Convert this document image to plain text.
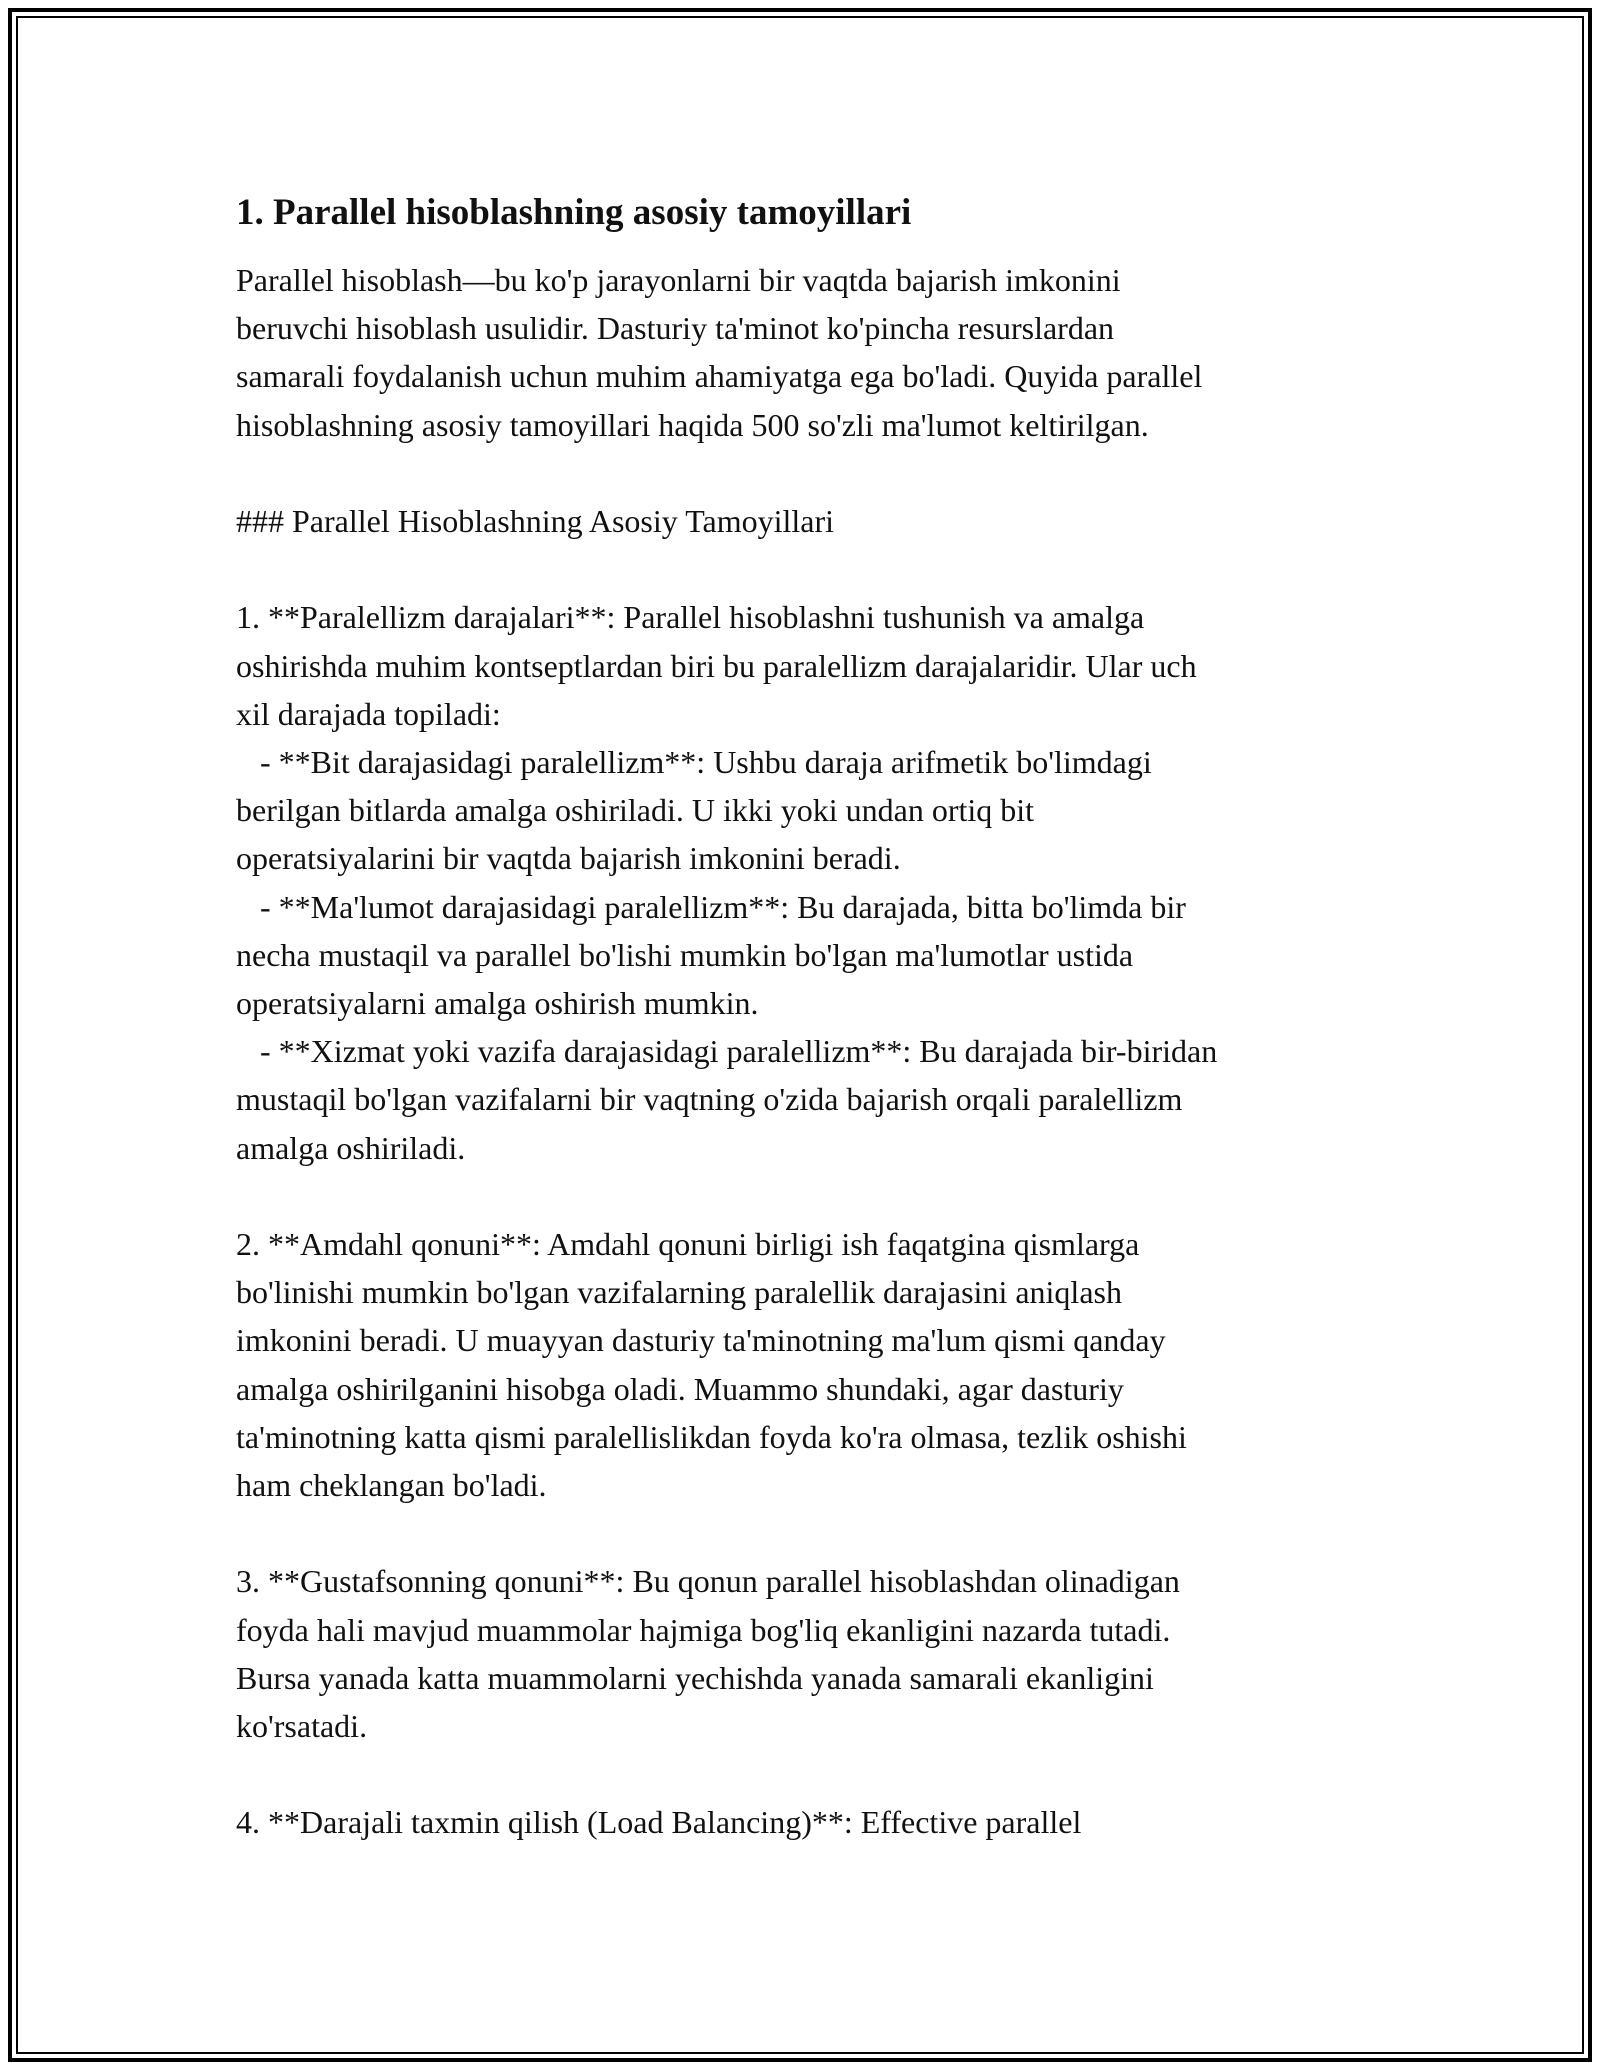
1. Parallel hisoblashning asosiy tamoyillari
Parallel hisoblash—bu ko'p jarayonlarni bir vaqtda bajarish imkonini
beruvchi hisoblash usulidir. Dasturiy ta'minot ko'pincha resurslardan
samarali foydalanish uchun muhim ahamiyatga ega bo'ladi. Quyida parallel
hisoblashning asosiy tamoyillari haqida 500 so'zli ma'lumot keltirilgan.
### Parallel Hisoblashning Asosiy Tamoyillari
1. **Paralellizm darajalari**: Parallel hisoblashni tushunish va amalga
oshirishda muhim kontseptlardan biri bu paralellizm darajalaridir. Ular uch
xil darajada topiladi:
- **Bit darajasidagi paralellizm**: Ushbu daraja arifmetik bo'limdagi
berilgan bitlarda amalga oshiriladi. U ikki yoki undan ortiq bit
operatsiyalarini bir vaqtda bajarish imkonini beradi.
- **Ma'lumot darajasidagi paralellizm**: Bu darajada, bitta bo'limda bir
necha mustaqil va parallel bo'lishi mumkin bo'lgan ma'lumotlar ustida
operatsiyalarni amalga oshirish mumkin.
- **Xizmat yoki vazifa darajasidagi paralellizm**: Bu darajada bir-biridan
mustaqil bo'lgan vazifalarni bir vaqtning o'zida bajarish orqali paralellizm
amalga oshiriladi.
2. **Amdahl qonuni**: Amdahl qonuni birligi ish faqatgina qismlarga
bo'linishi mumkin bo'lgan vazifalarning paralellik darajasini aniqlash
imkonini beradi. U muayyan dasturiy ta'minotning ma'lum qismi qanday
amalga oshirilganini hisobga oladi. Muammo shundaki, agar dasturiy
ta'minotning katta qismi paralellislikdan foyda ko'ra olmasa, tezlik oshishi
ham cheklangan bo'ladi.
3. **Gustafsonning qonuni**: Bu qonun parallel hisoblashdan olinadigan
foyda hali mavjud muammolar hajmiga bog'liq ekanligini nazarda tutadi.
Bursa yanada katta muammolarni yechishda yanada samarali ekanligini
ko'rsatadi.
4. **Darajali taxmin qilish (Load Balancing)**: Effective parallel
